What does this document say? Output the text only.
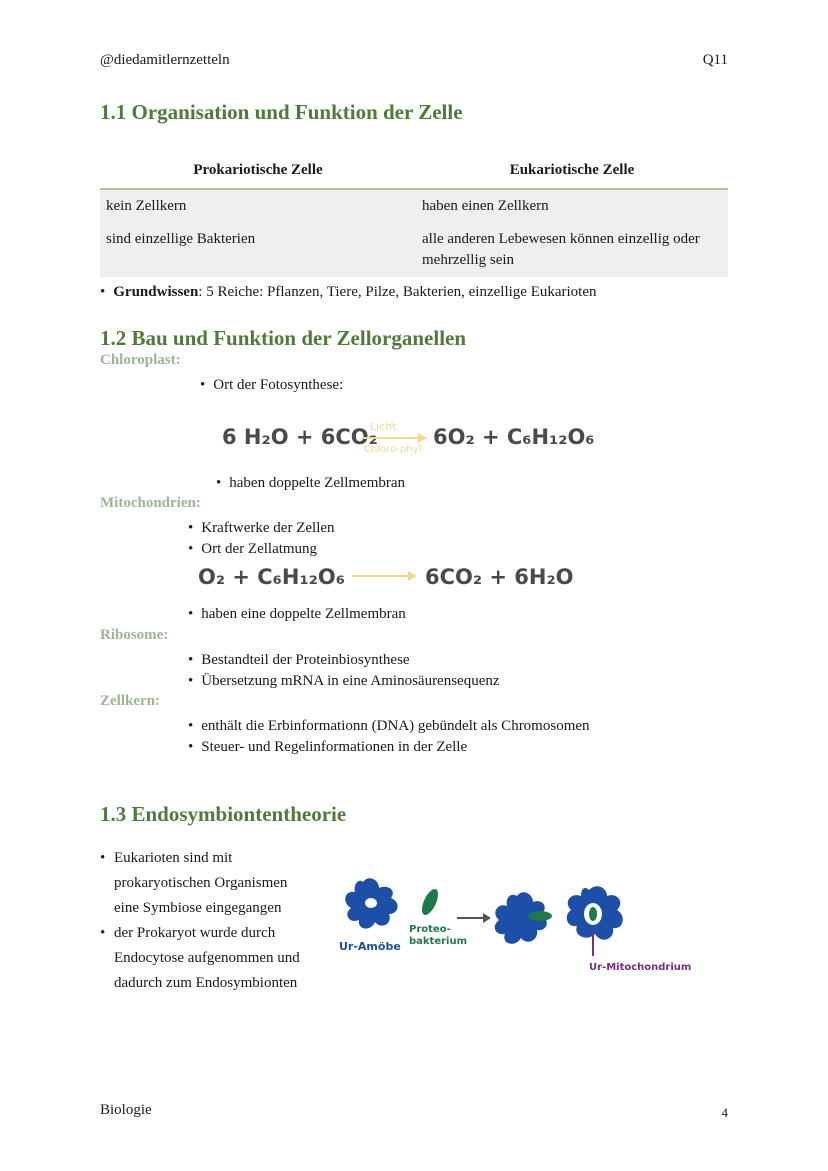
@diedamitlernzetteln	Q11
1.1 Organisation und Funktion der Zelle
Prokariotische Zelle	Eukariotische Zelle
kein Zellkern	haben einen Zellkern
sind einzellige Bakterien	alle anderen Lebewesen können einzellig oder mehrzellig sein
• Grundwissen: 5 Reiche: Pflanzen, Tiere, Pilze, Bakterien, einzellige Eukarioten
1.2 Bau und Funktion der Zellorganellen
Chloroplast:
• Ort der Fotosynthese:
6 H₂O + 6CO₂
Licht
Chloro-phyl
6O₂ + C₆H₁₂O₆
• haben doppelte Zellmembran
Mitochondrien:
• Kraftwerke der Zellen
• Ort der Zellatmung
O₂ + C₆H₁₂O₆	6CO₂ + 6H₂O
• haben eine doppelte Zellmembran
Ribosome:
• Bestandteil der Proteinbiosynthese
• Übersetzung mRNA in eine Aminosäurensequenz
Zellkern:
• enthält die Erbinformationn (DNA) gebündelt als Chromosomen
• Steuer- und Regelinformationen in der Zelle
1.3 Endosymbiontentheorie

• Eukarioten sind mit prokaryotischen Organismen eine Symbiose eingegangen

• der Prokaryot wurde durch Endocytose aufgenommen und dadurch zum Endosymbionten

Ur-Amöbe
Proteo-bakterium
Ur-Mitochondrium
Biologie	4
